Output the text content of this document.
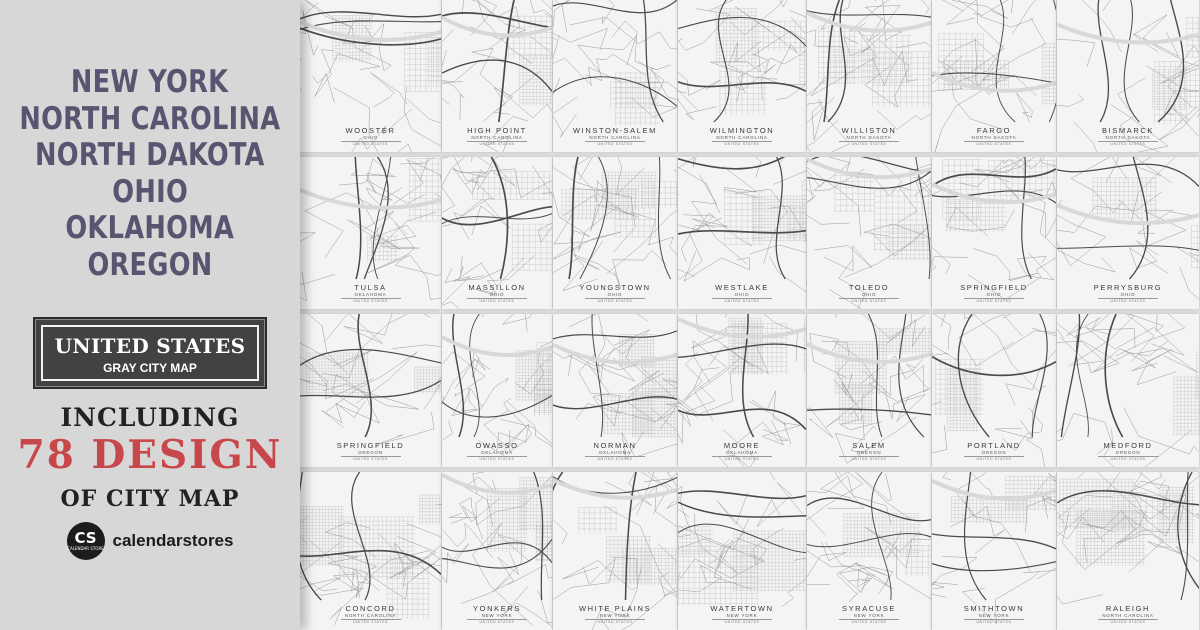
NEW YORK
NORTH CAROLINA
NORTH DAKOTA
OHIO
OKLAHOMA
OREGON
UNITED STATES
GRAY CITY MAP
INCLUDING
78 DESIGN
OF CITY MAP
CS
CALENDAR STORE calendarstores
WOOSTER
OHIO
UNITED STATES
HIGH POINT
NORTH CAROLINA
UNITED STATES
WINSTON-SALEM
NORTH CAROLINA
UNITED STATES
WILMINGTON
NORTH CAROLINA
UNITED STATES
WILLISTON
NORTH DAKOTA
UNITED STATES
FARGO
NORTH DAKOTA
UNITED STATES
BISMARCK
NORTH DAKOTA
UNITED STATES
TULSA
OKLAHOMA
UNITED STATES
MASSILLON
OHIO
UNITED STATES
YOUNGSTOWN
OHIO
UNITED STATES
WESTLAKE
OHIO
UNITED STATES
TOLEDO
OHIO
UNITED STATES
SPRINGFIELD
OHIO
UNITED STATES
PERRYSBURG
OHIO
UNITED STATES
SPRINGFIELD
OREGON
UNITED STATES
OWASSO
OKLAHOMA
UNITED STATES
NORMAN
OKLAHOMA
UNITED STATES
MOORE
OKLAHOMA
UNITED STATES
SALEM
OREGON
UNITED STATES
PORTLAND
OREGON
UNITED STATES
MEDFORD
OREGON
UNITED STATES
CONCORD
NORTH CAROLINA
UNITED STATES
YONKERS
NEW YORK
UNITED STATES
WHITE PLAINS
NEW YORK
UNITED STATES
WATERTOWN
NEW YORK
UNITED STATES
SYRACUSE
NEW YORK
UNITED STATES
SMITHTOWN
NEW YORK
UNITED STATES
RALEIGH
NORTH CAROLINA
UNITED STATES
